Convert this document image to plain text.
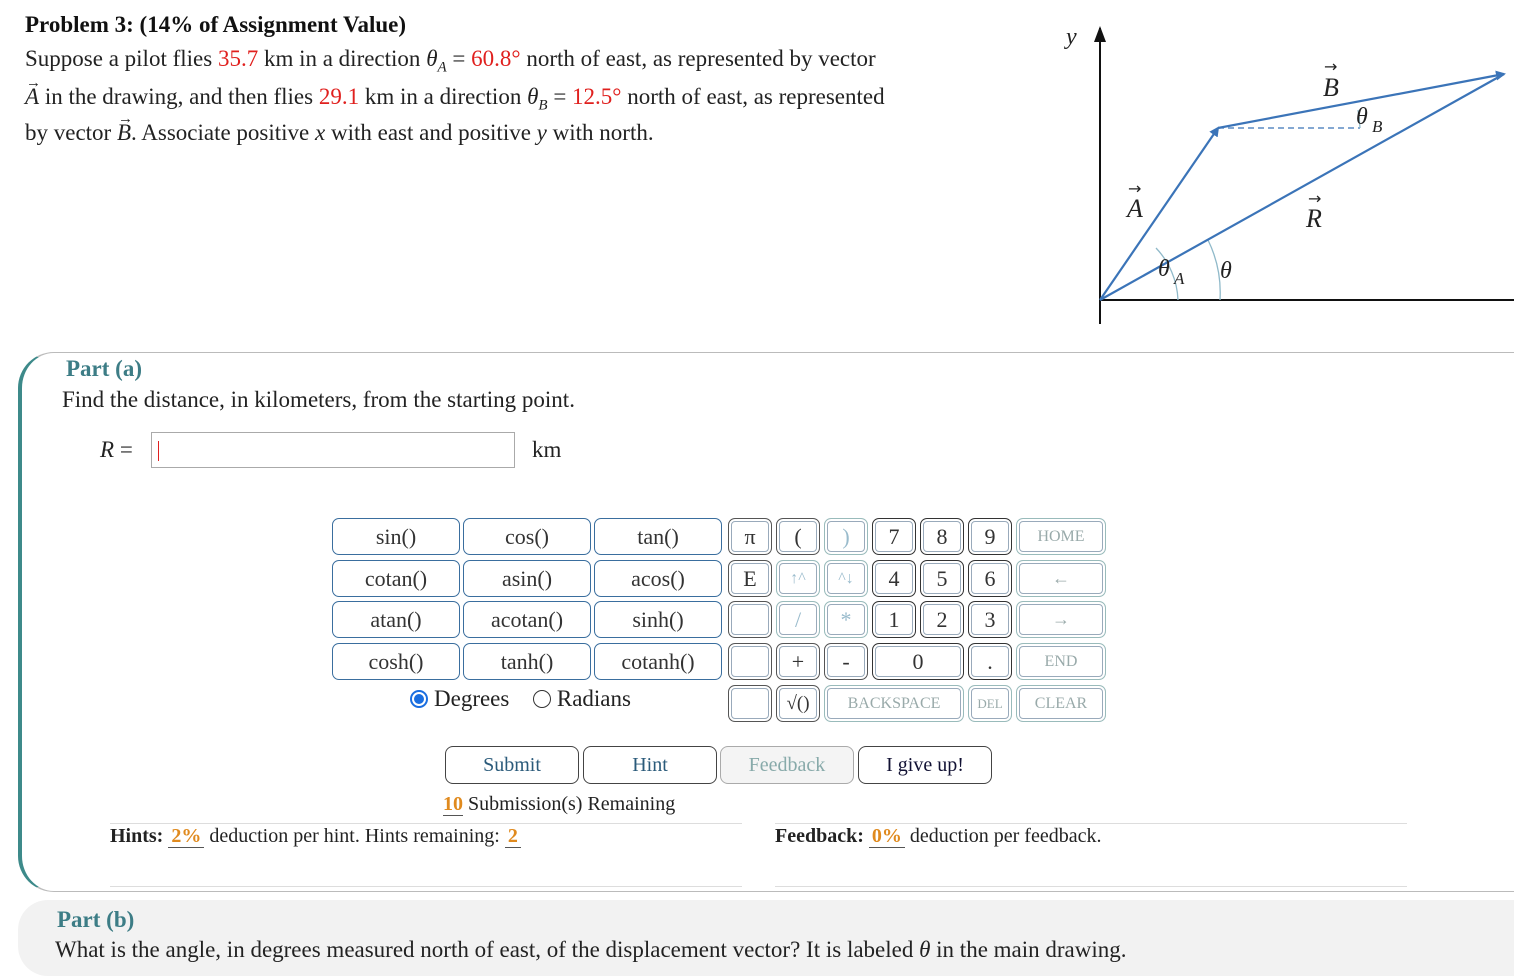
Problem 3: (14% of Assignment Value)
Suppose a pilot flies 35.7 km in a direction $\theta_A = 60.8^\circ$ north of east, as represented by vector
→ A in the drawing, and then flies 29.1 km in a direction $\theta_B = 12.5^\circ$ north of east, as represented
by vector → B. Associate positive x with east and positive y with north.
y
→
A
→
B
→
R
θ A θ
θ B
Part (a)
Find the distance, in kilometers, from the starting point.
R =	km
sin()	cos()	tan()
cotan()	asin()	acos()
atan()	acotan()	sinh()
cosh()	tanh()	cotanh()
π	(	)
E	↑^	^↓
/	*
+	-
√()
7	8	9
4	5	6
1	2	3
0	.
BACKSPACE	DEL
HOME
←
→
END
CLEAR
Degrees Radians
Submit	Hint	Feedback	I give up!
10 Submission(s) Remaining
Hints: 2% deduction per hint. Hints remaining: 2	Feedback: 0% deduction per feedback.
Part (b)
What is the angle, in degrees measured north of east, of the displacement vector? It is labeled θ in the main drawing.
